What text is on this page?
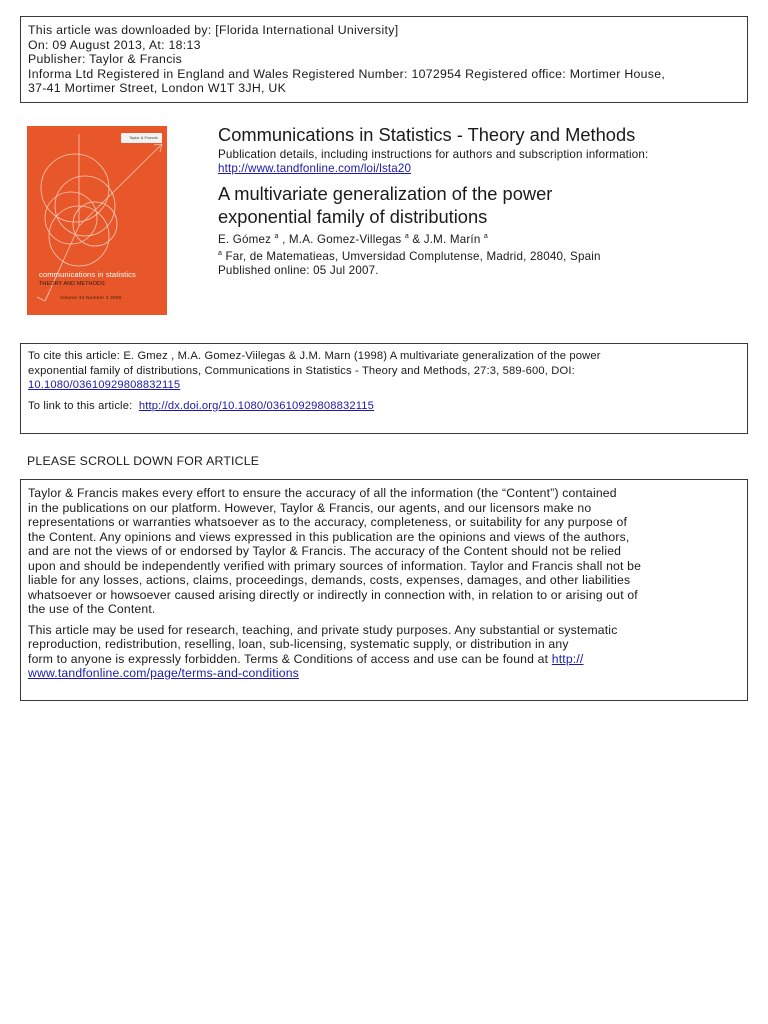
This article was downloaded by: [Florida International University]
On: 09 August 2013, At: 18:13
Publisher: Taylor & Francis
Informa Ltd Registered in England and Wales Registered Number: 1072954 Registered office: Mortimer House,
37-41 Mortimer Street, London W1T 3JH, UK
Taylor & Francis
communications in statistics
THEORY AND METHODS
Volume 34 Number 3 2005
Communications in Statistics - Theory and Methods
Publication details, including instructions for authors and subscription information:
http://www.tandfonline.com/loi/lsta20
A multivariate generalization of the power
exponential family of distributions
E. Gómez $^a$ , M.A. Gomez-Villegas $^a$ & J.M. Marín $^a$
$^a$ Far, de Matematieas, Umversidad Complutense, Madrid, 28040, Spain
Published online: 05 Jul 2007.
To cite this article: E. Gmez , M.A. Gomez-Viilegas & J.M. Marn (1998) A multivariate generalization of the power
exponential family of distributions, Communications in Statistics - Theory and Methods, 27:3, 589-600, DOI:
10.1080/03610929808832115
To link to this article: http://dx.doi.org/10.1080/03610929808832115
PLEASE SCROLL DOWN FOR ARTICLE
Taylor & Francis makes every effort to ensure the accuracy of all the information (the “Content”) contained
in the publications on our platform. However, Taylor & Francis, our agents, and our licensors make no
representations or warranties whatsoever as to the accuracy, completeness, or suitability for any purpose of
the Content. Any opinions and views expressed in this publication are the opinions and views of the authors,
and are not the views of or endorsed by Taylor & Francis. The accuracy of the Content should not be relied
upon and should be independently verified with primary sources of information. Taylor and Francis shall not be
liable for any losses, actions, claims, proceedings, demands, costs, expenses, damages, and other liabilities
whatsoever or howsoever caused arising directly or indirectly in connection with, in relation to or arising out of
the use of the Content.
This article may be used for research, teaching, and private study purposes. Any substantial or systematic
reproduction, redistribution, reselling, loan, sub-licensing, systematic supply, or distribution in any
form to anyone is expressly forbidden. Terms & Conditions of access and use can be found at http://
www.tandfonline.com/page/terms-and-conditions
